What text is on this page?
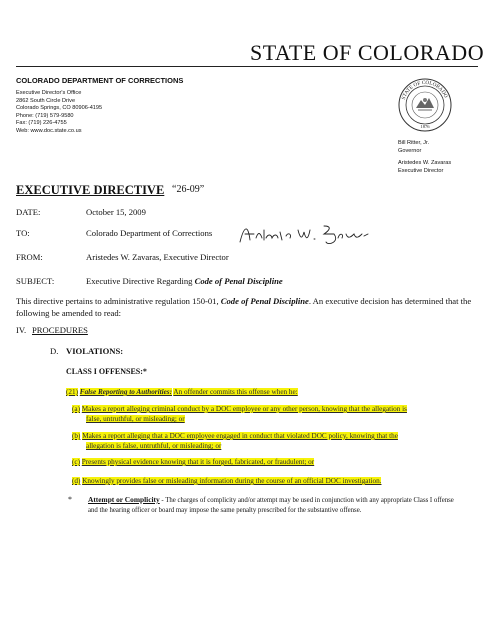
STATE OF COLORADO
COLORADO DEPARTMENT OF CORRECTIONS
Executive Director's Office
2862 South Circle Drive
Colorado Springs, CO 80906-4195
Phone: (719) 579-9580
Fax: (719) 226-4755
Web: www.doc.state.co.us
STATE OF COLORADO
1876
Bill Ritter, Jr.
Governor
Aristedes W. Zavaras
Executive Director
EXECUTIVE DIRECTIVE “26-09”
DATE:	October 15, 2009
TO:	Colorado Department of Corrections
FROM:	Aristedes W. Zavaras, Executive Director
SUBJECT:	Executive Directive Regarding Code of Penal Discipline
This directive pertains to administrative regulation 150-01, Code of Penal Discipline. An executive decision has determined that the following be amended to read:
IV. PROCEDURES
D. VIOLATIONS:
CLASS I OFFENSES:*
(21) False Reporting to Authorities: An offender commits this offense when he:
(a) Makes a report alleging criminal conduct by a DOC employee or any other person, knowing that the allegation is
false, untruthful, or misleading; or
(b) Makes a report alleging that a DOC employee engaged in conduct that violated DOC policy, knowing that the
allegation is false, untruthful, or misleading; or
(c) Presents physical evidence knowing that it is forged, fabricated, or fraudulent; or
(d) Knowingly provides false or misleading information during the course of an official DOC investigation.
* Attempt or Complicity - The charges of complicity and/or attempt may be used in conjunction with any appropriate Class I offense and the hearing officer or board may impose the same penalty prescribed for the substantive offense.
